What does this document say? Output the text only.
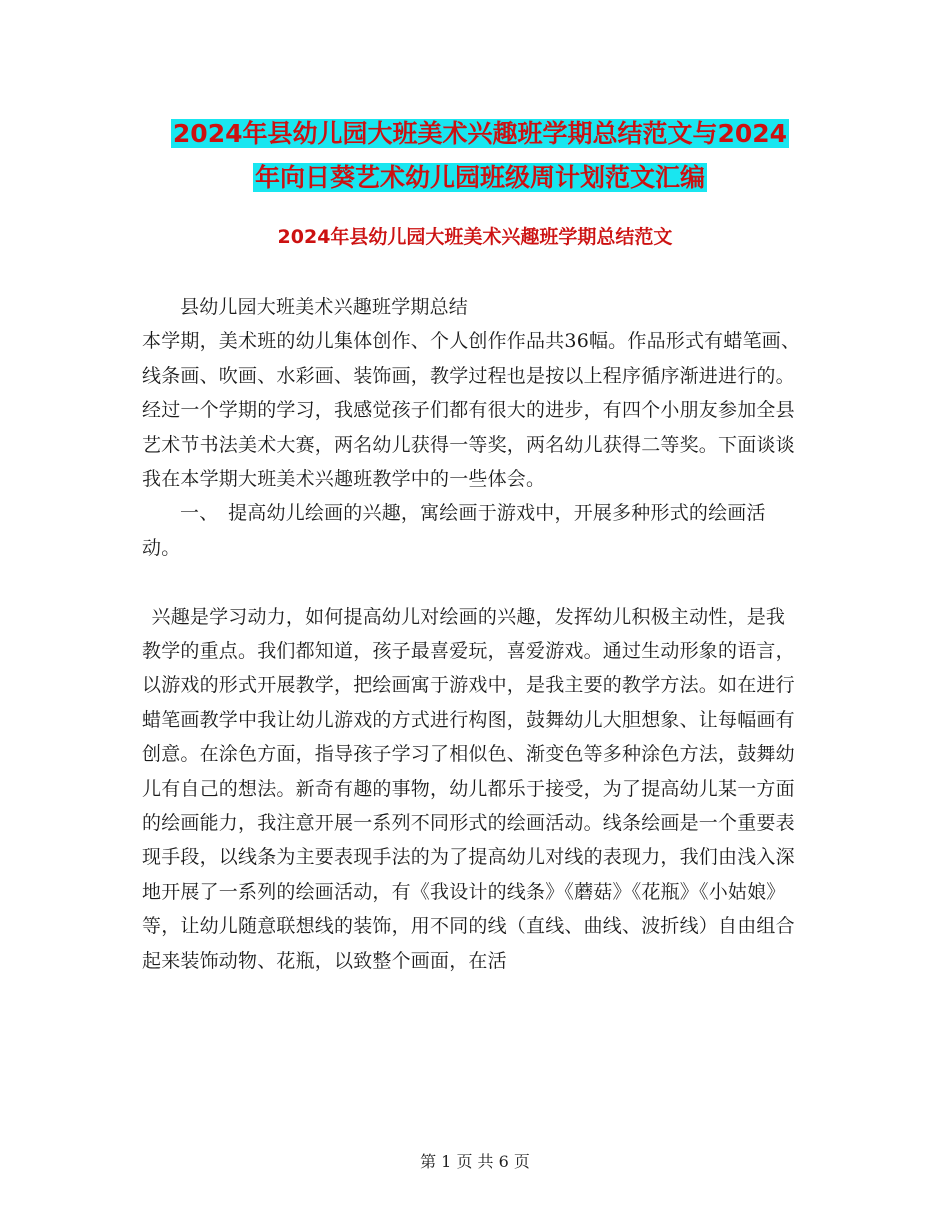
2024年县幼儿园大班美术兴趣班学期总结范文与2024
年向日葵艺术幼儿园班级周计划范文汇编
2024年县幼儿园大班美术兴趣班学期总结范文

县幼儿园大班美术兴趣班学期总结

本学期，美术班的幼儿集体创作、个人创作作品共36幅。作品形式有蜡笔画、线条画、吹画、水彩画、装饰画，教学过程也是按以上程序循序渐进进行的。经过一个学期的学习，我感觉孩子们都有很大的进步，有四个小朋友参加全县艺术节书法美术大赛，两名幼儿获得一等奖，两名幼儿获得二等奖。下面谈谈我在本学期大班美术兴趣班教学中的一些体会。

一、　提高幼儿绘画的兴趣，寓绘画于游戏中，开展多种形式的绘画活动。

兴趣是学习动力，如何提高幼儿对绘画的兴趣，发挥幼儿积极主动性，是我教学的重点。我们都知道，孩子最喜爱玩，喜爱游戏。通过生动形象的语言，以游戏的形式开展教学，把绘画寓于游戏中，是我主要的教学方法。如在进行蜡笔画教学中我让幼儿游戏的方式进行构图，鼓舞幼儿大胆想象、让每幅画有创意。在涂色方面，指导孩子学习了相似色、渐变色等多种涂色方法，鼓舞幼儿有自己的想法。新奇有趣的事物，幼儿都乐于接受，为了提高幼儿某一方面的绘画能力，我注意开展一系列不同形式的绘画活动。线条绘画是一个重要表现手段，以线条为主要表现手法的为了提高幼儿对线的表现力，我们由浅入深地开展了一系列的绘画活动，有《我设计的线条》《蘑菇》《花瓶》《小姑娘》等，让幼儿随意联想线的装饰，用不同的线（直线、曲线、波折线）自由组合起来装饰动物、花瓶，以致整个画面，在活

第 1 页 共 6 页
